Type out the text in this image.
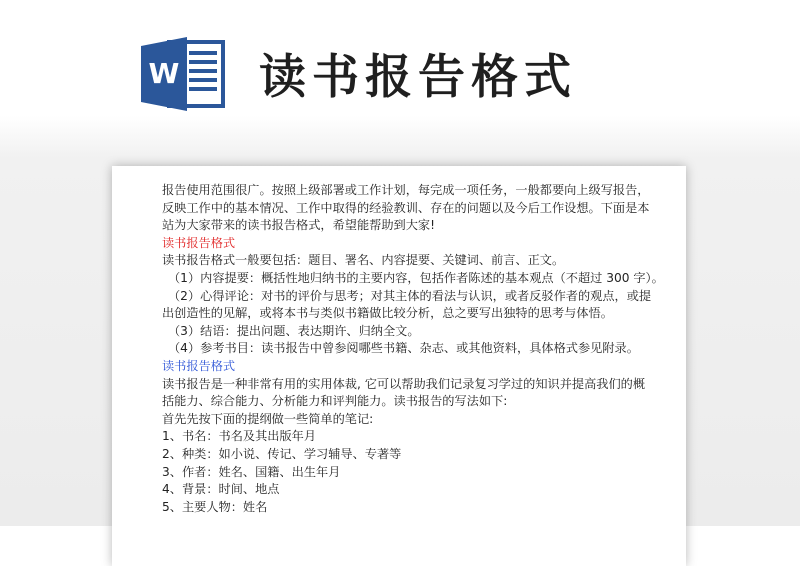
W 读书报告格式

报告使用范围很广。按照上级部署或工作计划，每完成一项任务，一般都要向上级写报告，

反映工作中的基本情况、工作中取得的经验教训、存在的问题以及今后工作设想。下面是本

站为大家带来的读书报告格式，希望能帮助到大家!

读书报告格式

读书报告格式一般要包括：题目、署名、内容提要、关键词、前言、正文。

（1）内容提要：概括性地归纳书的主要内容，包括作者陈述的基本观点（不超过 300 字）。

（2）心得评论：对书的评价与思考；对其主体的看法与认识，或者反驳作者的观点，或提

出创造性的见解，或将本书与类似书籍做比较分析，总之要写出独特的思考与体悟。

（3）结语：提出问题、表达期许、归纳全文。

（4）参考书目：读书报告中曾参阅哪些书籍、杂志、或其他资料，具体格式参见附录。

读书报告格式

读书报告是一种非常有用的实用体裁, 它可以帮助我们记录复习学过的知识并提高我们的概

括能力、综合能力、分析能力和评判能力。读书报告的写法如下:

首先先按下面的提纲做一些简单的笔记:

1、书名：书名及其出版年月

2、种类：如小说、传记、学习辅导、专著等

3、作者：姓名、国籍、出生年月

4、背景：时间、地点

5、主要人物：姓名
